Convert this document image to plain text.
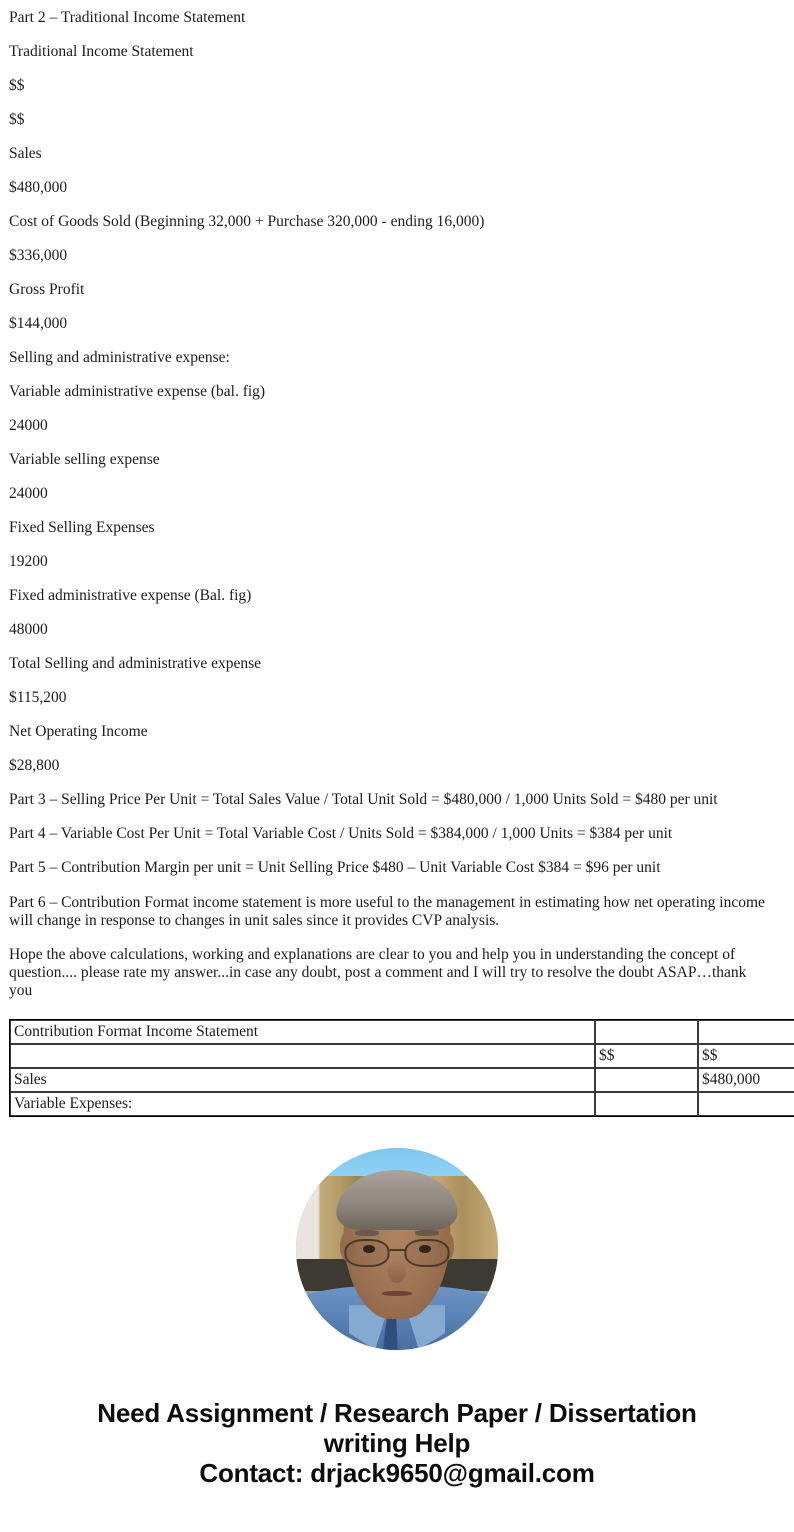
Part 2 – Traditional Income Statement
Traditional Income Statement
$$
$$
Sales
$480,000
Cost of Goods Sold (Beginning 32,000 + Purchase 320,000 - ending 16,000)
$336,000
Gross Profit
$144,000
Selling and administrative expense:
Variable administrative expense (bal. fig)
24000
Variable selling expense
24000
Fixed Selling Expenses
19200
Fixed administrative expense (Bal. fig)
48000
Total Selling and administrative expense
$115,200
Net Operating Income
$28,800
Part 3 – Selling Price Per Unit = Total Sales Value / Total Unit Sold = $480,000 / 1,000 Units Sold = $480 per unit
Part 4 – Variable Cost Per Unit = Total Variable Cost / Units Sold = $384,000 / 1,000 Units = $384 per unit
Part 5 – Contribution Margin per unit = Unit Selling Price $480 – Unit Variable Cost $384 = $96 per unit
Part 6 – Contribution Format income statement is more useful to the management in estimating how net operating income will change in response to changes in unit sales since it provides CVP analysis.
Hope the above calculations, working and explanations are clear to you and help you in understanding the concept of question.... please rate my answer...in case any doubt, post a comment and I will try to resolve the doubt ASAP…thank you
Contribution Format Income Statement		
	$$	$$
Sales		$480,000
Variable Expenses:		
Need Assignment / Research Paper / Dissertation
writing Help
Contact: drjack9650@gmail.com
